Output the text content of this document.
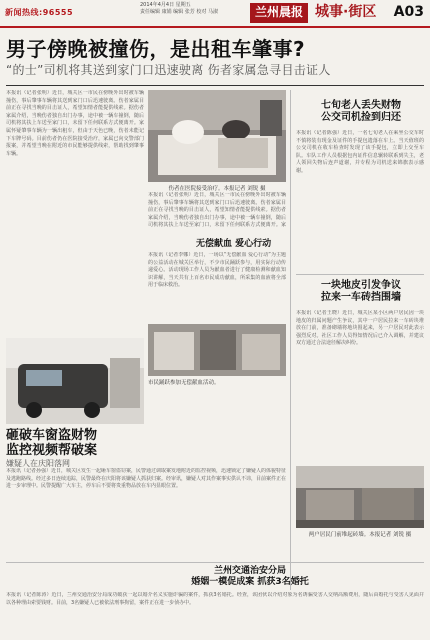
新闻热线:96555
2014年4月4日 星期五
责任编辑 康娟 编辑 张芳 校对 马淑	兰州晨报 城事·街区 A03
男子傍晚被撞伤，是出租车肇事?
“的士”司机将其送到家门口迅速驶离 伤者家属急寻目击证人
本报讯（记者张明）近日，城关区一市民在傍晚外出时被车辆撞伤，事后肇事车辆将其送到家门口后迅速驶离。伤者家属目前正在寻找当晚的目击证人，希望知情者能提供线索。据伤者家属介绍，当晚伤者独自出门办事，途中被一辆车撞倒，随后司机将其扶上车送至家门口，未留下任何联系方式便离开。家属怀疑肇事车辆为一辆出租车，但由于天色已晚，伤者未能记下车牌号码。目前伤者仍在医院接受治疗，家属已向交警部门报案，并希望当晚在附近的市民能够提供线索，帮助找到肇事车辆。
伤者在医院接受治疗。本报记者 刘锐 摄
本报讯（记者张明）近日，城关区一市民在傍晚外出时被车辆撞伤，事后肇事车辆将其送到家门口后迅速驶离。伤者家属目前正在寻找当晚的目击证人，希望知情者能提供线索。据伤者家属介绍，当晚伤者独自出门办事，途中被一辆车撞倒，随后司机将其扶上车送至家门口，未留下任何联系方式便离开。家
七旬老人丢失财物
公交司机捡到归还
本报讯（记者陈强）近日，一名七旬老人在乘坐公交车时不慎将装有现金及证件的手提包遗落在车上。当天值班的公交司机在收车检查时发现了该手提包，立即上交至车队。车队工作人员根据包内证件信息辗转联系到失主，老人领回失物后连声道谢，并专程为司机送来锦旗表示感谢。
一块地皮引发争议
拉来一车砖挡围墙
本报讯（记者王晓）近日，城关区某小区两户居民因一块地皮的归属问题产生争议，其中一户居民拉来一车砖块堆放在门前，准备砌墙将地块围起来，另一户居民对此表示强烈反对。社区工作人员得知情况后已介入调解，并建议双方通过合法途径解决纠纷。
两户居民门前堆起砖墙。本报记者 刘锐 摄
无偿献血 爱心行动
本报讯（记者李娜）近日，一场以“无偿献血 爱心行动”为主题的公益活动在城关区举行，不少市民踊跃参与，用实际行动传递爱心。活动现场工作人员为献血者进行了健康检测和献血知识讲解，当天共有上百名市民成功献血，所采集的血液将全部用于临床救治。
市民踊跃参加无偿献血活动。
砸破车窗盗财物
监控视频帮破案
嫌疑人在庆阳落网
本报讯（记者孙强）近日，城关区发生一起砸车窗盗窃案，民警通过调取案发地附近的监控视频，迅速锁定了嫌疑人的体貌特征及逃跑路线。经过多日连续追踪，民警最终在庆阳将该嫌疑人抓获归案。经审讯，嫌疑人对其作案事实供认不讳，目前案件正在进一步审理中。民警提醒广大车主，停车后不要将贵重物品放在车内显眼位置。
兰州交通治安分局
婚姻一模促成案 抓获3名婚托
本报讯（记者陈涛）近日，兰州交通治安分局成功破获一起以婚介名义实施诈骗的案件，抓获3名婚托。经查，该团伙以介绍对象为名诱骗受害人交纳高额费用，随后由婚托与受害人见面并以各种理由索要钱财。目前，3名嫌疑人已被依法刑事拘留，案件正在进一步侦办中。
